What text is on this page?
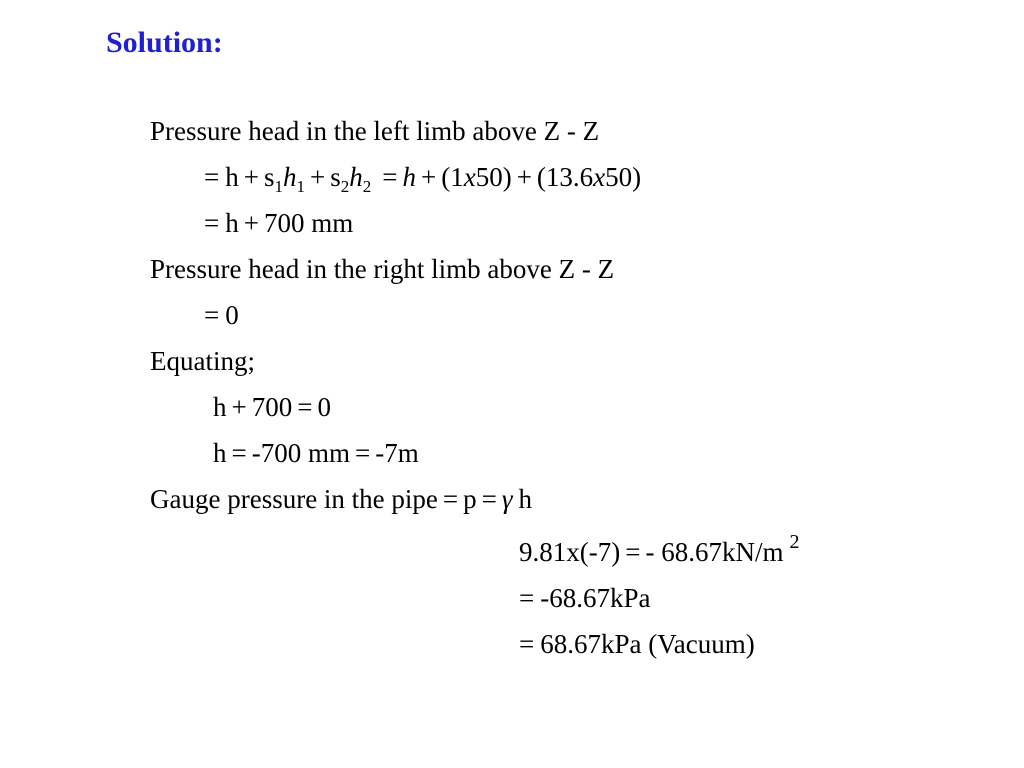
Solution:
Pressure head in the left limb above Z - Z
= $h + s_1h_1 + s_2h_2 = h + (1x50) + (13.6x50)$
= h + 700 mm
Pressure head in the right limb above Z - Z
= 0
Equating;
h + 700 = 0
h = -700 mm = -7m
Gauge pressure in the pipe = p = γ h
9.81x(-7) = - 68.67kN/m $^2$
= -68.67kPa
= 68.67kPa (Vacuum)
